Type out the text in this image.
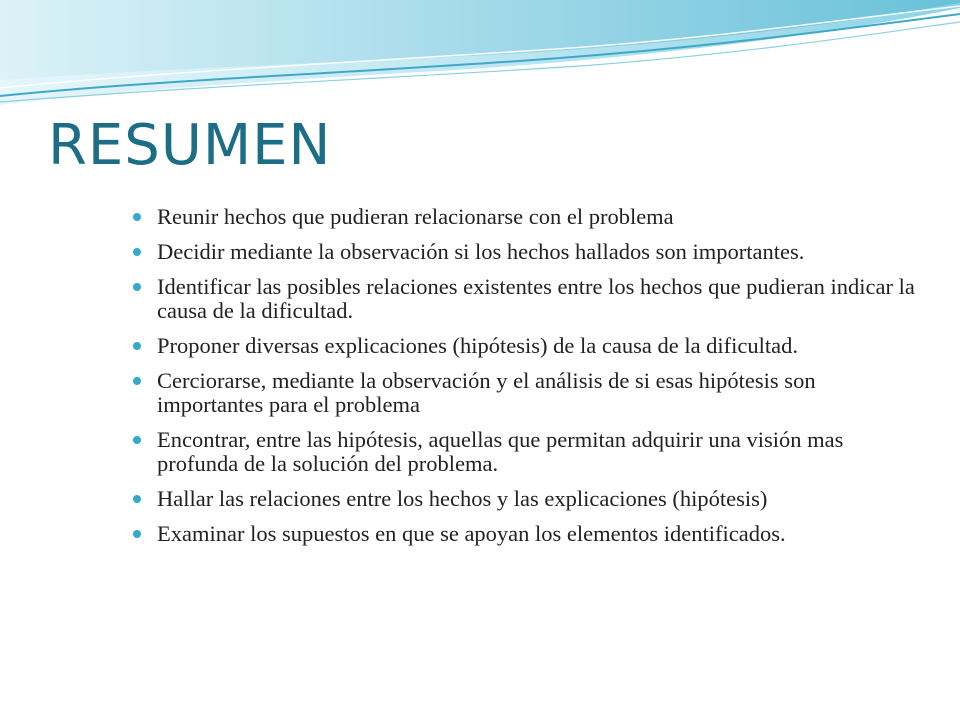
RESUMEN
Reunir hechos que pudieran relacionarse con el problema
Decidir mediante la observación si los hechos hallados son importantes.
Identificar las posibles relaciones existentes entre los hechos que pudieran indicar la causa de la dificultad.
Proponer diversas explicaciones (hipótesis) de la causa de la dificultad.
Cerciorarse, mediante la observación y el análisis de si esas hipótesis son importantes para el problema
Encontrar, entre las hipótesis, aquellas que permitan adquirir una visión mas profunda de la solución del problema.
Hallar las relaciones entre los hechos y las explicaciones (hipótesis)
Examinar los supuestos en que se apoyan los elementos identificados.
